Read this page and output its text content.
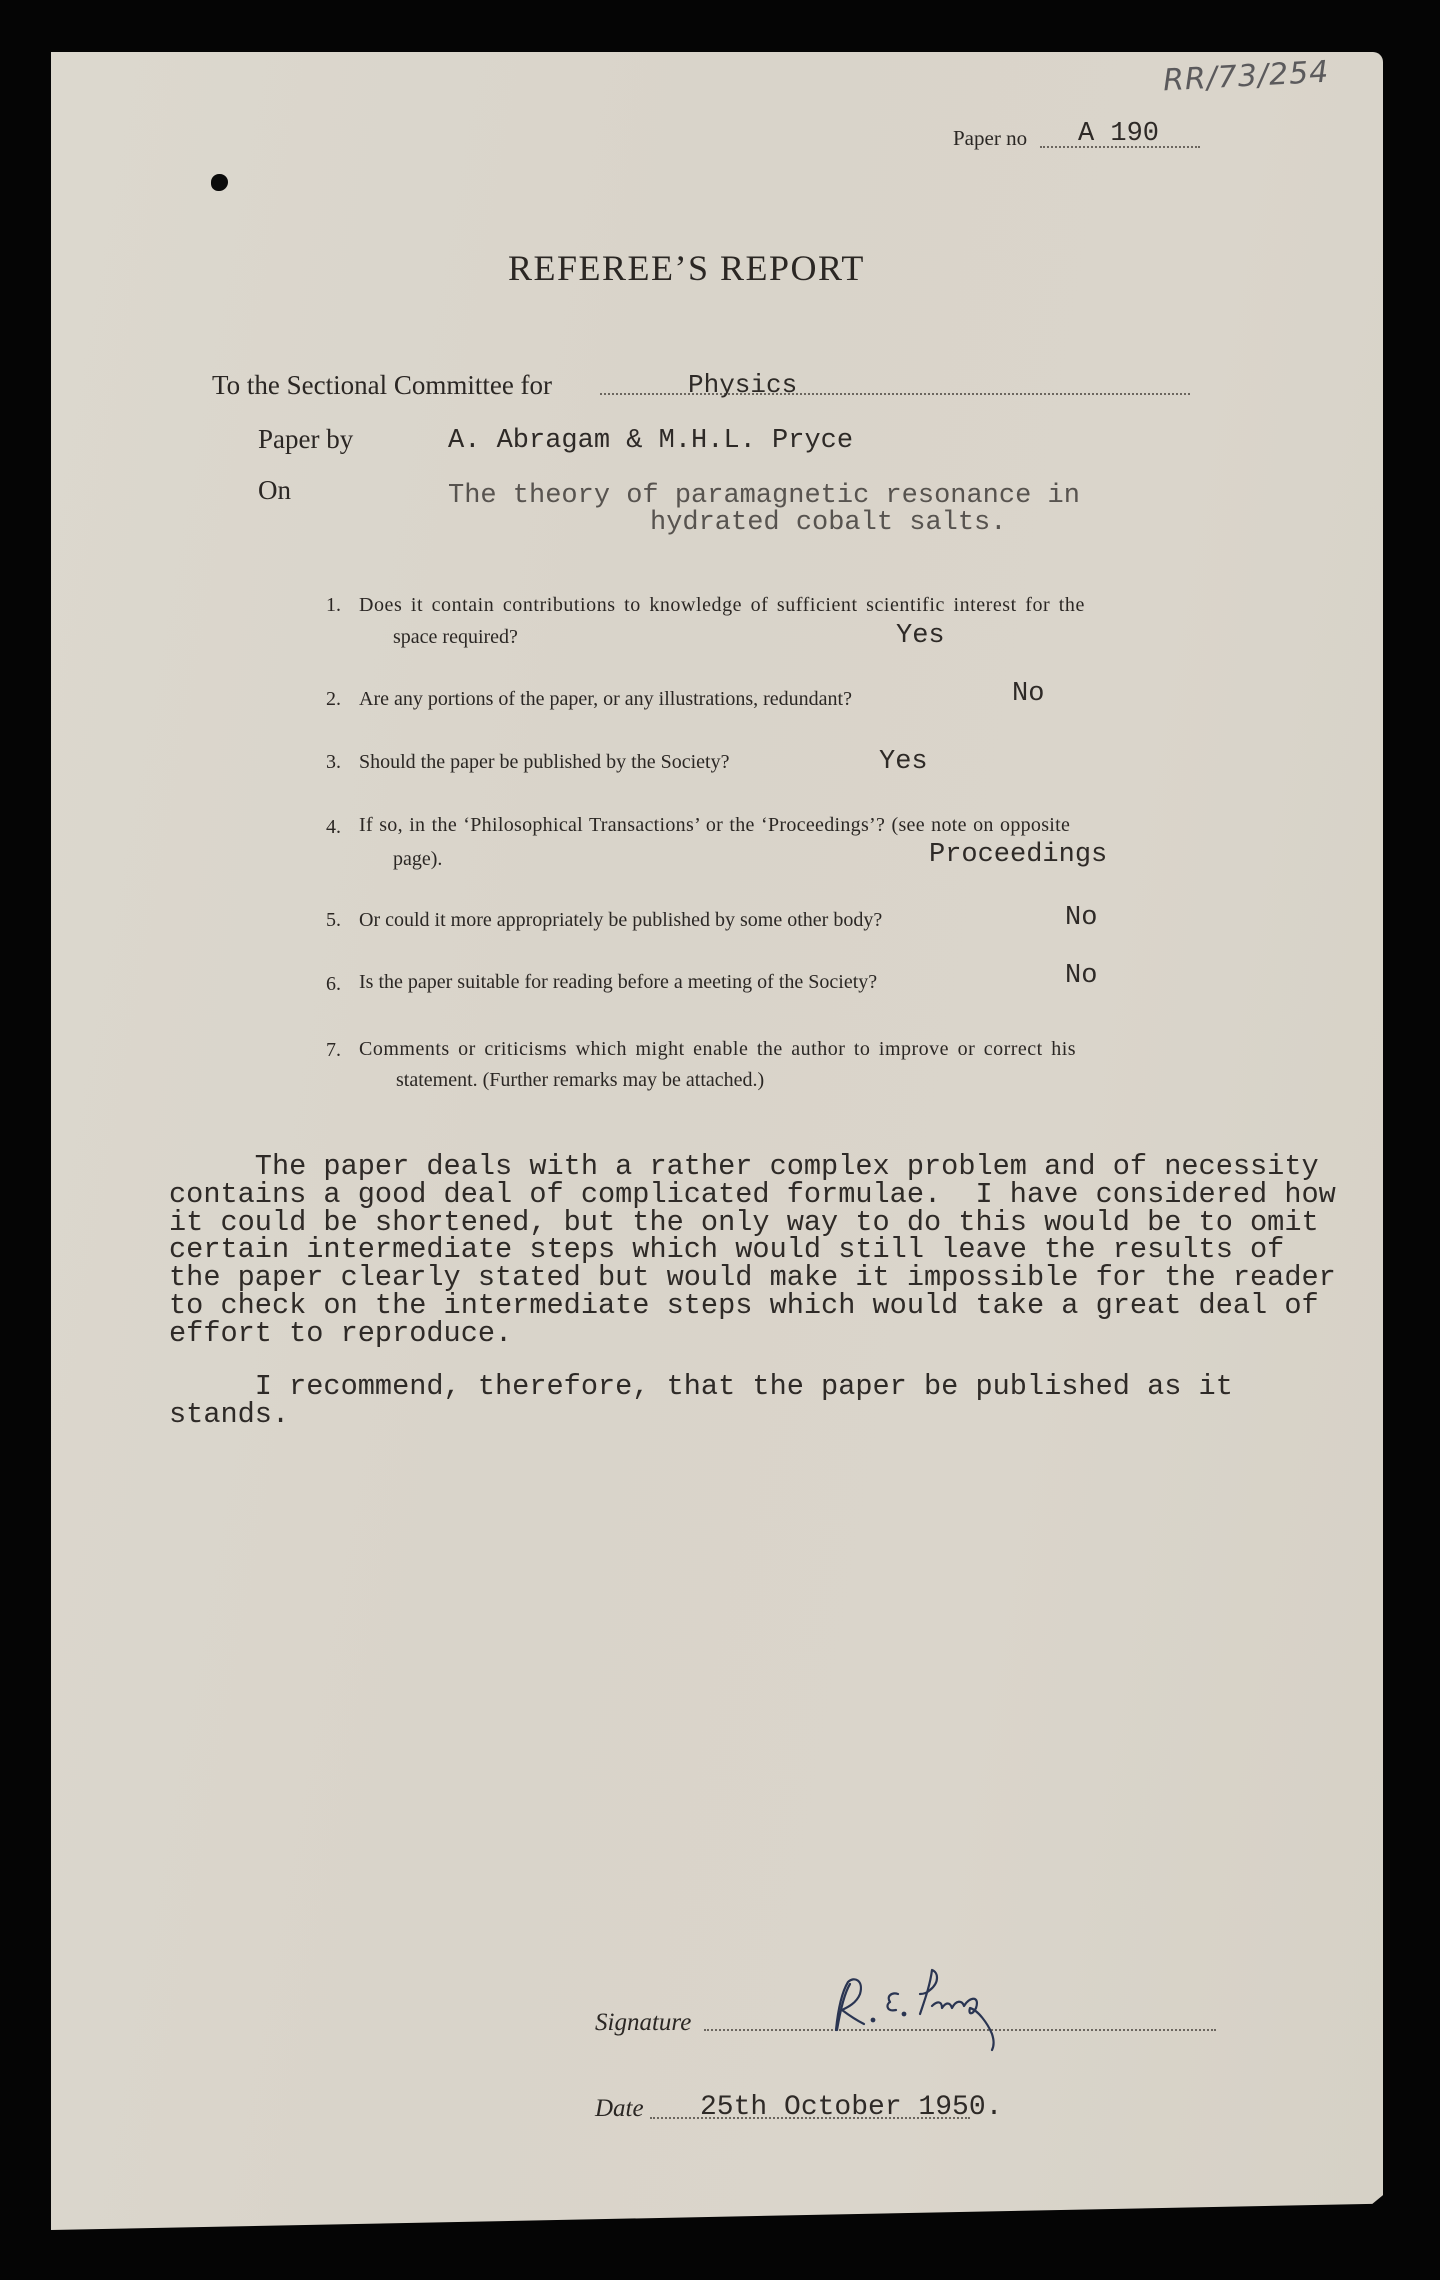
RR/73/254
Paper no A 190
REFEREE’S REPORT
To the Sectional Committee for	Physics
Paper by	A. Abragam & M.H.L. Pryce
On	The theory of paramagnetic resonance in
hydrated cobalt salts.
1. Does it contain contributions to knowledge of sufficient scientific interest for the
space required?	Yes
2. Are any portions of the paper, or any illustrations, redundant?	No
3. Should the paper be published by the Society?	Yes
4. If so, in the ‘Philosophical Transactions’ or the ‘Proceedings’? (see note on opposite
page).	Proceedings
5. Or could it more appropriately be published by some other body?	No
6. Is the paper suitable for reading before a meeting of the Society?	No
7. Comments or criticisms which might enable the author to improve or correct his
statement. (Further remarks may be attached.)
The paper deals with a rather complex problem and of necessity
contains a good deal of complicated formulae.  I have considered how
it could be shortened, but the only way to do this would be to omit
certain intermediate steps which would still leave the results of
the paper clearly stated but would make it impossible for the reader
to check on the intermediate steps which would take a great deal of
effort to reproduce.
I recommend, therefore, that the paper be published as it
stands.
Signature
Date 25th October 1950.
